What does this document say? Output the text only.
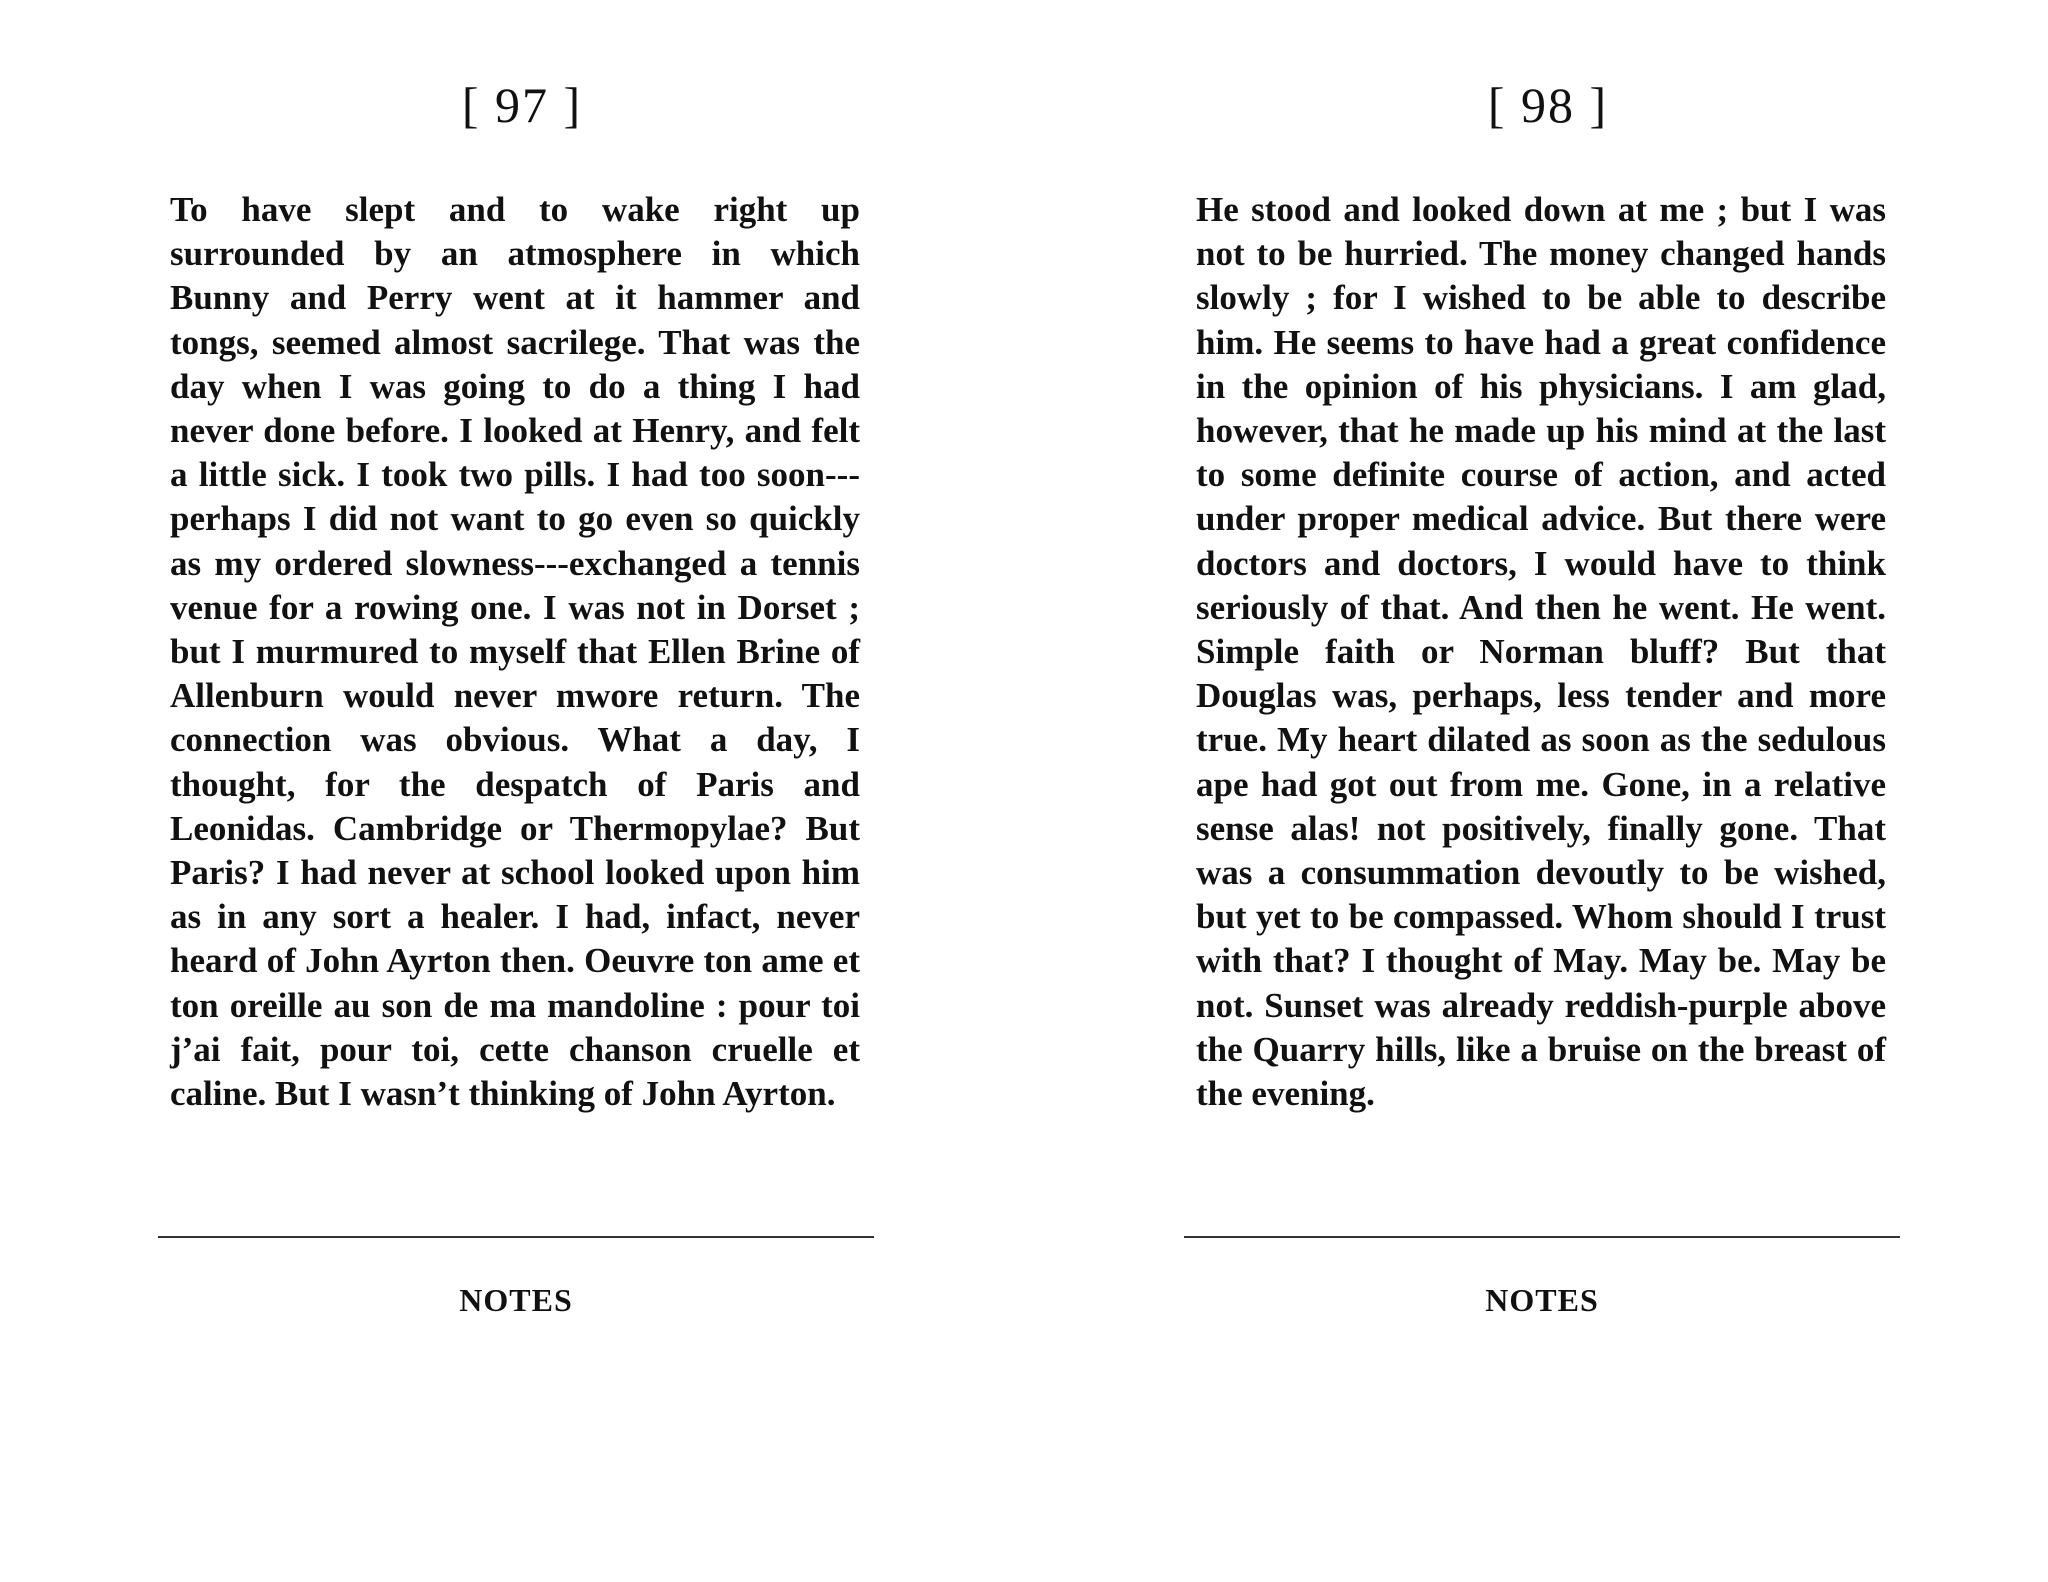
[ 97 ]

To have slept and to wake right up surrounded by an atmosphere in which Bunny and Perry went at it hammer and tongs, seemed almost sacrilege. That was the day when I was going to do a thing I had never done before. I looked at Henry, and felt a little sick. I took two pills. I had too soon---perhaps I did not want to go even so quickly as my ordered slowness---exchanged a tennis venue for a rowing one. I was not in Dorset ; but I murmured to myself that Ellen Brine of Allenburn would never mwore return. The connection was obvious. What a day, I thought, for the despatch of Paris and Leonidas. Cambridge or Thermopylae? But Paris? I had never at school looked upon him as in any sort a healer. I had, infact, never heard of John Ayrton then. Oeuvre ton ame et ton oreille au son de ma mandoline : pour toi j’ai fait, pour toi, cette chanson cruelle et caline. But I wasn’t thinking of John Ayrton.

NOTES
[ 98 ]

He stood and looked down at me ; but I was not to be hurried. The money changed hands slowly ; for I wished to be able to describe him. He seems to have had a great confidence in the opinion of his physicians. I am glad, however, that he made up his mind at the last to some definite course of action, and acted under proper medical advice. But there were doctors and doctors, I would have to think seriously of that. And then he went. He went. Simple faith or Norman bluff? But that Douglas was, perhaps, less tender and more true. My heart dilated as soon as the sedulous ape had got out from me. Gone, in a relative sense alas! not positively, finally gone. That was a consummation devoutly to be wished, but yet to be compassed. Whom should I trust with that? I thought of May. May be. May be not. Sunset was already reddish-purple above the Quarry hills, like a bruise on the breast of the evening.

NOTES
